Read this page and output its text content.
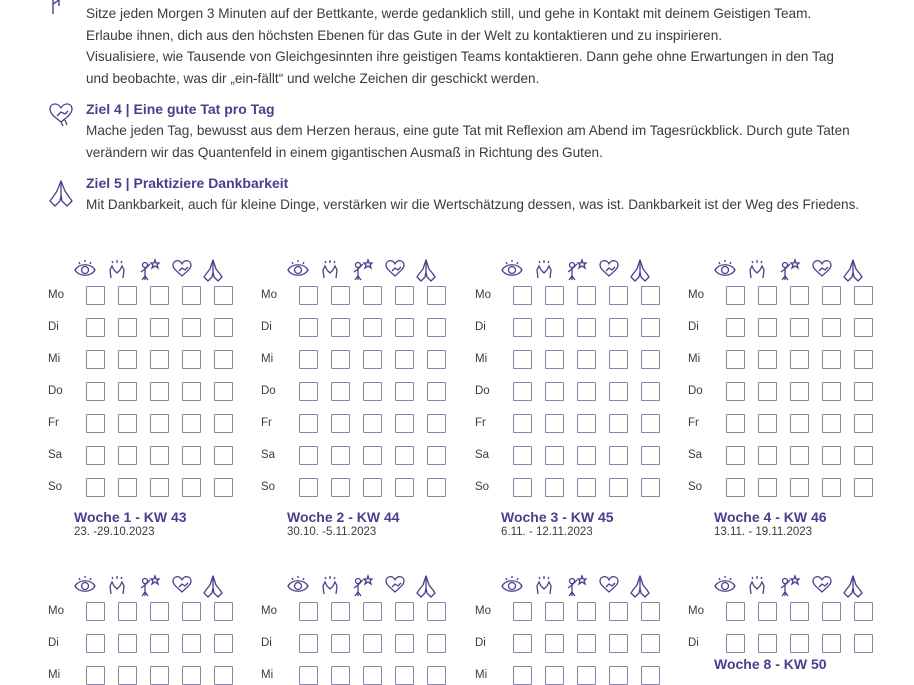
Sitze jeden Morgen 3 Minuten auf der Bettkante, werde gedanklich still, und gehe in Kontakt mit deinem Geistigen Team.
Erlaube ihnen, dich aus den höchsten Ebenen für das Gute in der Welt zu kontaktieren und zu inspirieren.
Visualisiere, wie Tausende von Gleichgesinnten ihre geistigen Teams kontaktieren. Dann gehe ohne Erwartungen in den Tag
und beobachte, was dir „ein-fällt“ und welche Zeichen dir geschickt werden.
Ziel 4 | Eine gute Tat pro Tag
Mache jeden Tag, bewusst aus dem Herzen heraus, eine gute Tat mit Reflexion am Abend im Tagesrückblick. Durch gute Taten
verändern wir das Quantenfeld in einem gigantischen Ausmaß in Richtung des Guten.
Ziel 5 | Praktiziere Dankbarkeit
Mit Dankbarkeit, auch für kleine Dinge, verstärken wir die Wertschätzung dessen, was ist. Dankbarkeit ist der Weg des Friedens.
Mo
Di
Mi
Do
Fr
Sa
So
Woche 1 - KW 43
23. -29.10.2023
Mo
Di
Mi
Do
Fr
Sa
So
Woche 2 - KW 44
30.10. -5.11.2023
Mo
Di
Mi
Do
Fr
Sa
So
Woche 3 - KW 45
6.11. - 12.11.2023
Mo
Di
Mi
Do
Fr
Sa
So
Woche 4 - KW 46
13.11. - 19.11.2023
Mo
Di
Mi
Mo
Di
Mi
Mo
Di
Mi
Mo
Di
Woche 8 - KW 50
